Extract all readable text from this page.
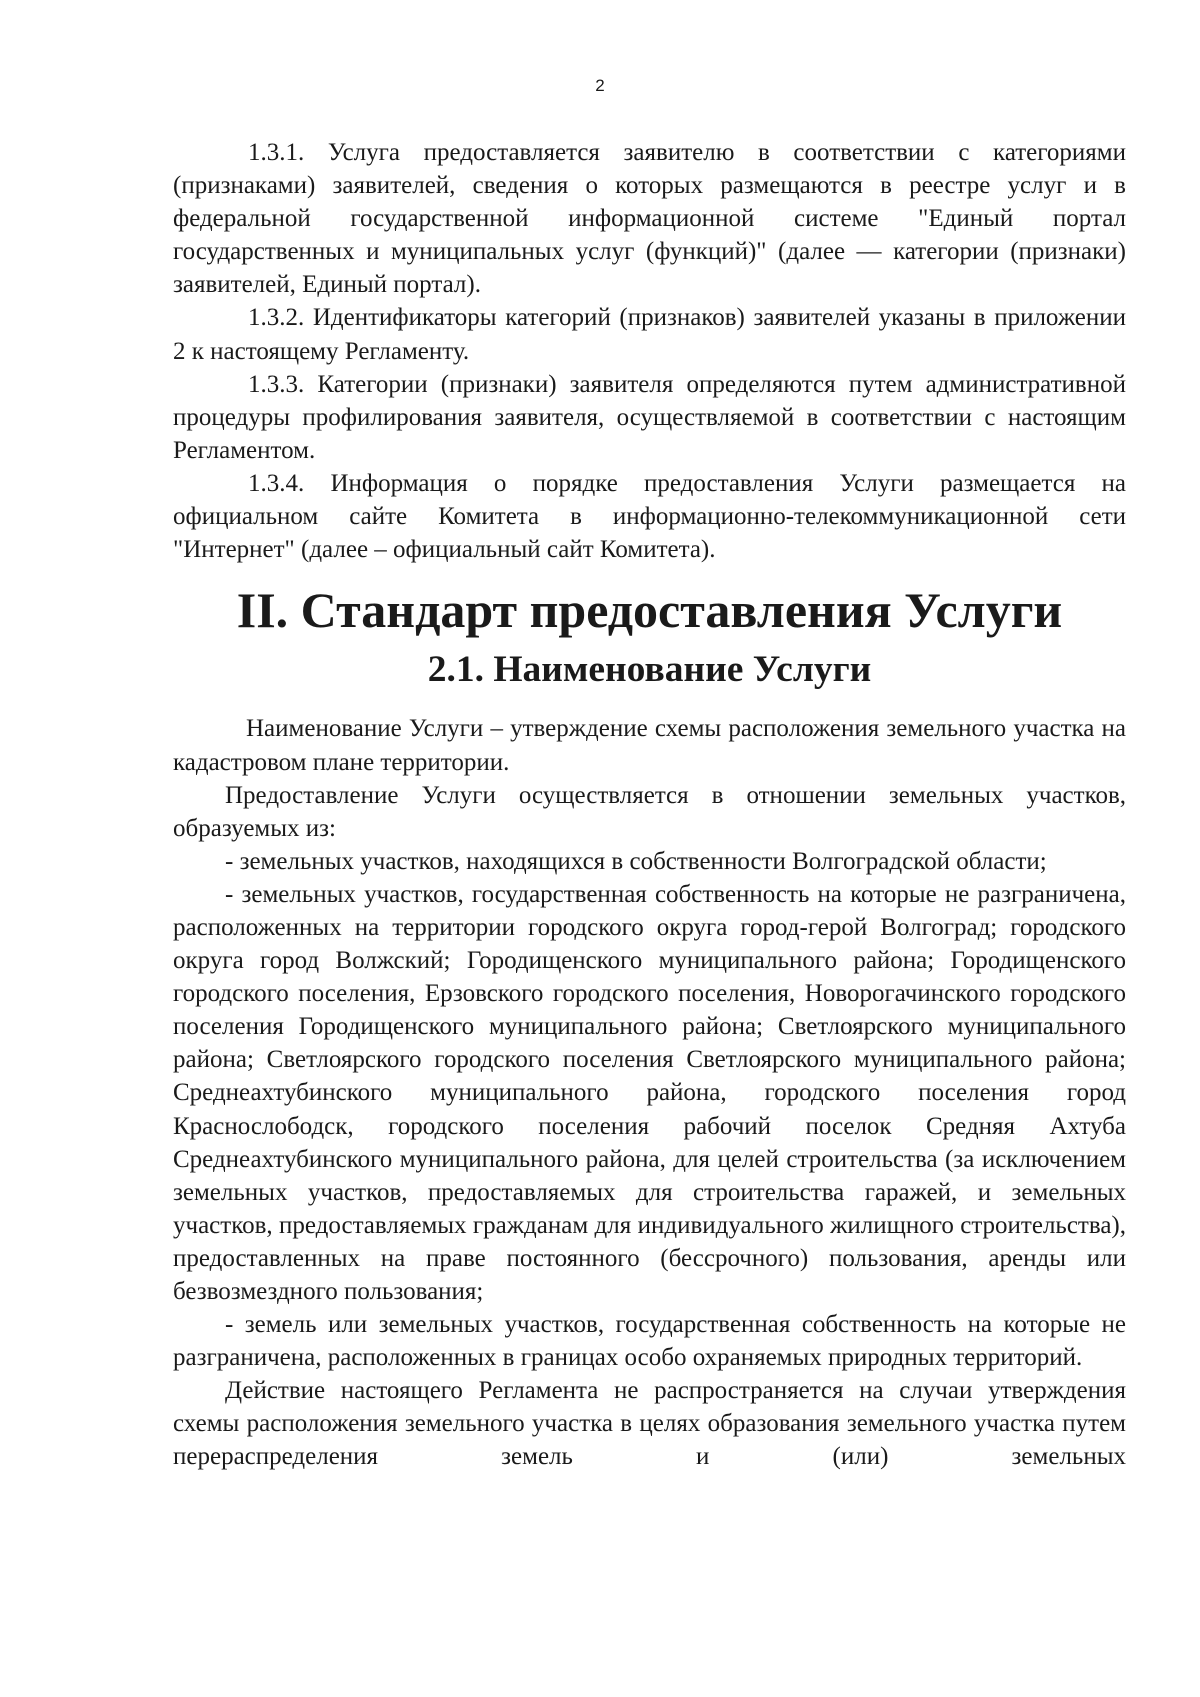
2

1.3.1. Услуга предоставляется заявителю в соответствии с категориями (признаками) заявителей, сведения о которых размещаются в реестре услуг и в федеральной государственной информационной системе "Единый портал государственных и муниципальных услуг (функций)" (далее — категории (признаки) заявителей, Единый портал).

1.3.2. Идентификаторы категорий (признаков) заявителей указаны в приложении 2 к настоящему Регламенту.

1.3.3. Категории (признаки) заявителя определяются путем административной процедуры профилирования заявителя, осуществляемой в соответствии с настоящим Регламентом.

1.3.4. Информация о порядке предоставления Услуги размещается на официальном сайте Комитета в информационно-телекоммуникационной сети "Интернет" (далее – официальный сайт Комитета).

II. Стандарт предоставления Услуги
2.1. Наименование Услуги

Наименование Услуги – утверждение схемы расположения земельного участка на кадастровом плане территории.

Предоставление Услуги осуществляется в отношении земельных участков, образуемых из:

- земельных участков, находящихся в собственности Волгоградской области;

- земельных участков, государственная собственность на которые не разграничена, расположенных на территории городского округа город-герой Волгоград; городского округа город Волжский; Городищенского муниципального района; Городищенского городского поселения, Ерзовского городского поселения, Новорогачинского городского поселения Городищенского муниципального района; Светлоярского муниципального района; Светлоярского городского поселения Светлоярского муниципального района; Среднеахтубинского муниципального района, городского поселения город Краснослободск, городского поселения рабочий поселок Средняя Ахтуба Среднеахтубинского муниципального района, для целей строительства (за исключением земельных участков, предоставляемых для строительства гаражей, и земельных участков, предоставляемых гражданам для индивидуального жилищного строительства), предоставленных на праве постоянного (бессрочного) пользования, аренды или безвозмездного пользования;

- земель или земельных участков, государственная собственность на которые не разграничена, расположенных в границах особо охраняемых природных территорий.

Действие настоящего Регламента не распространяется на случаи утверждения схемы расположения земельного участка в целях образования земельного участка путем перераспределения земель и (или) земельных
